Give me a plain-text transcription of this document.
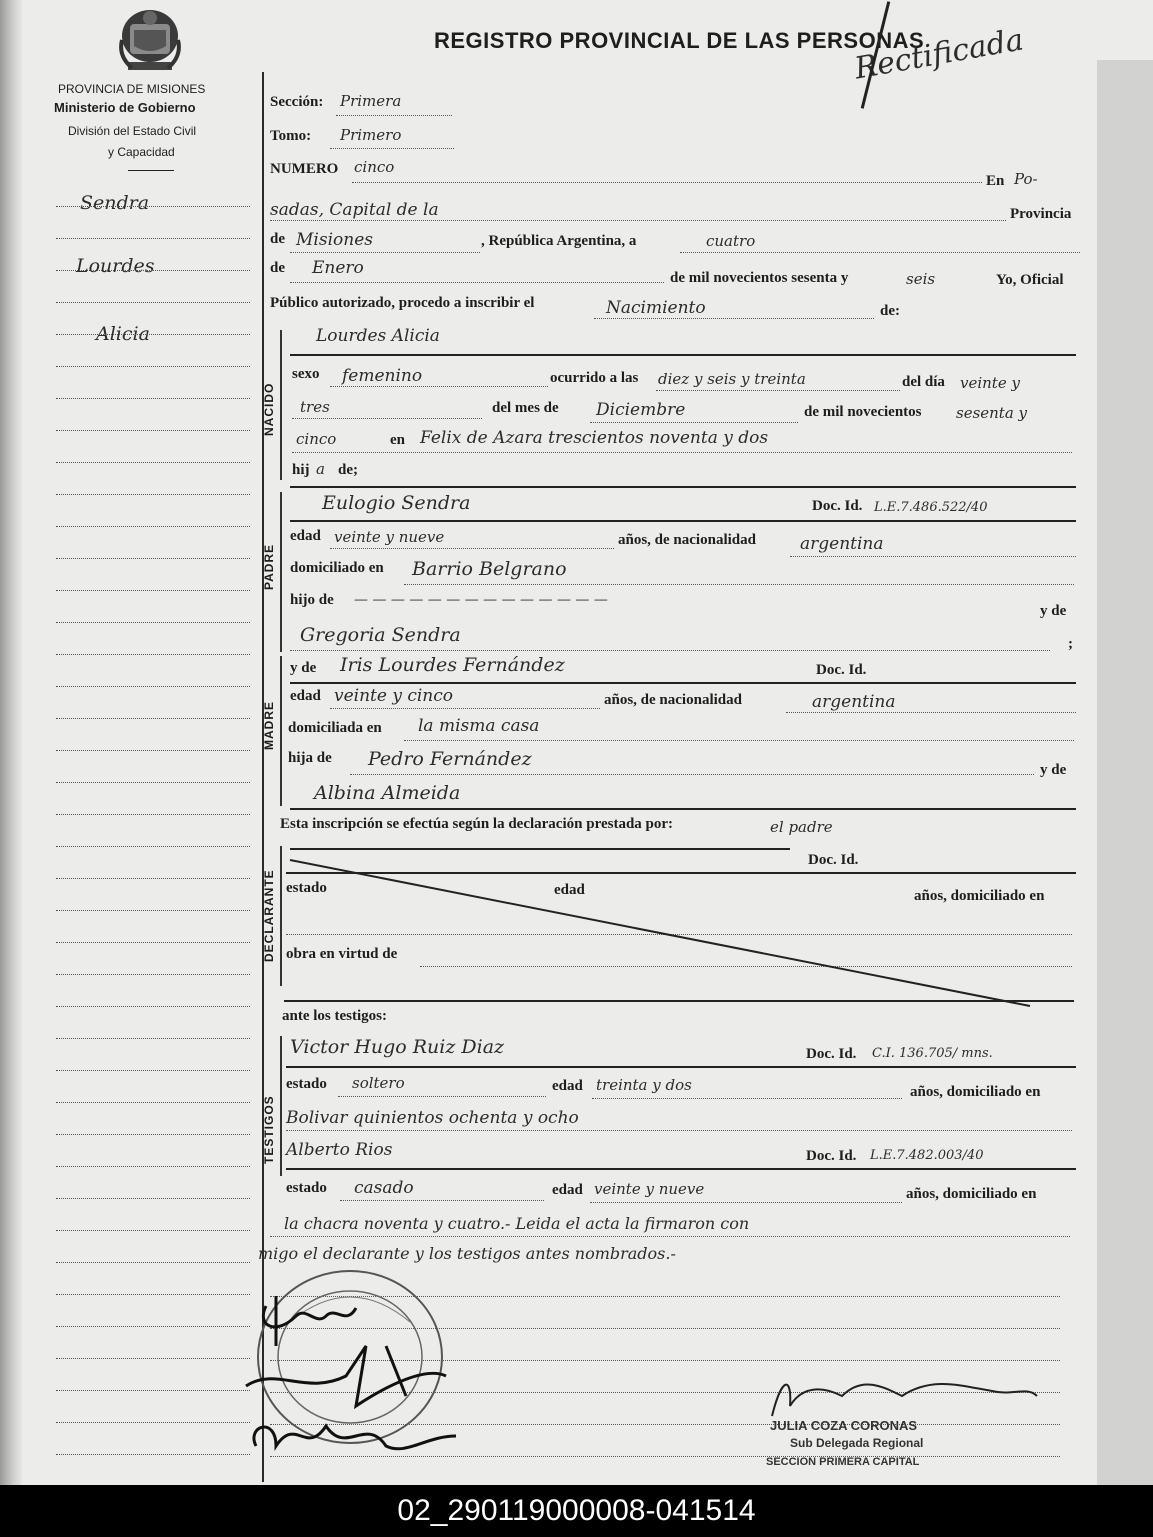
PROVINCIA DE MISIONES
Ministerio de Gobierno
División del Estado Civil
y Capacidad
REGISTRO PROVINCIAL DE LAS PERSONAS
Rectificada
Sendra
Lourdes
Alicia
Sección: Primera
Tomo: Primero
NUMERO cinco
En Po-
sadas, Capital de la	Provincia
de Misiones	, República Argentina, a	cuatro
de Enero	de mil novecientos sesenta y	seis	Yo, Oficial
Público autorizado, procedo a inscribir el	Nacimiento	de:
NACIDO
Lourdes Alicia
sexo femenino	ocurrido a las diez y seis y treinta	del día veinte y
tres	del mes de Diciembre	de mil novecientos sesenta y
cinco	en Felix de Azara trescientos noventa y dos
hij a de;
PADRE
Eulogio Sendra	Doc. Id. L.E.7.486.522/40
edad veinte y nueve	años, de nacionalidad	argentina
domiciliado en Barrio Belgrano
hijo de — — — — — — — — — — — — — —
y de
Gregoria Sendra	;
MADRE
y de Iris Lourdes Fernández	Doc. Id.
edad veinte y cinco	años, de nacionalidad	argentina
domiciliada en la misma casa
hija de Pedro Fernández	y de
Albina Almeida
Esta inscripción se efectúa según la declaración prestada por:	el padre
DECLARANTE
Doc. Id.
estado	edad	años, domiciliado en
obra en virtud de
ante los testigos:
TESTIGOS
Victor Hugo Ruiz Diaz	Doc. Id. C.I. 136.705/ mns.
estado soltero	edad treinta y dos	años, domiciliado en
Bolivar quinientos ochenta y ocho
Alberto Rios	Doc. Id. L.E.7.482.003/40
estado casado	edad veinte y nueve	años, domiciliado en
la chacra noventa y cuatro.- Leida el acta la firmaron con
migo el declarante y los testigos antes nombrados.-
JULIA COZA CORONAS
Sub Delegada Regional
SECCION PRIMERA CAPITAL
02_290119000008-041514
